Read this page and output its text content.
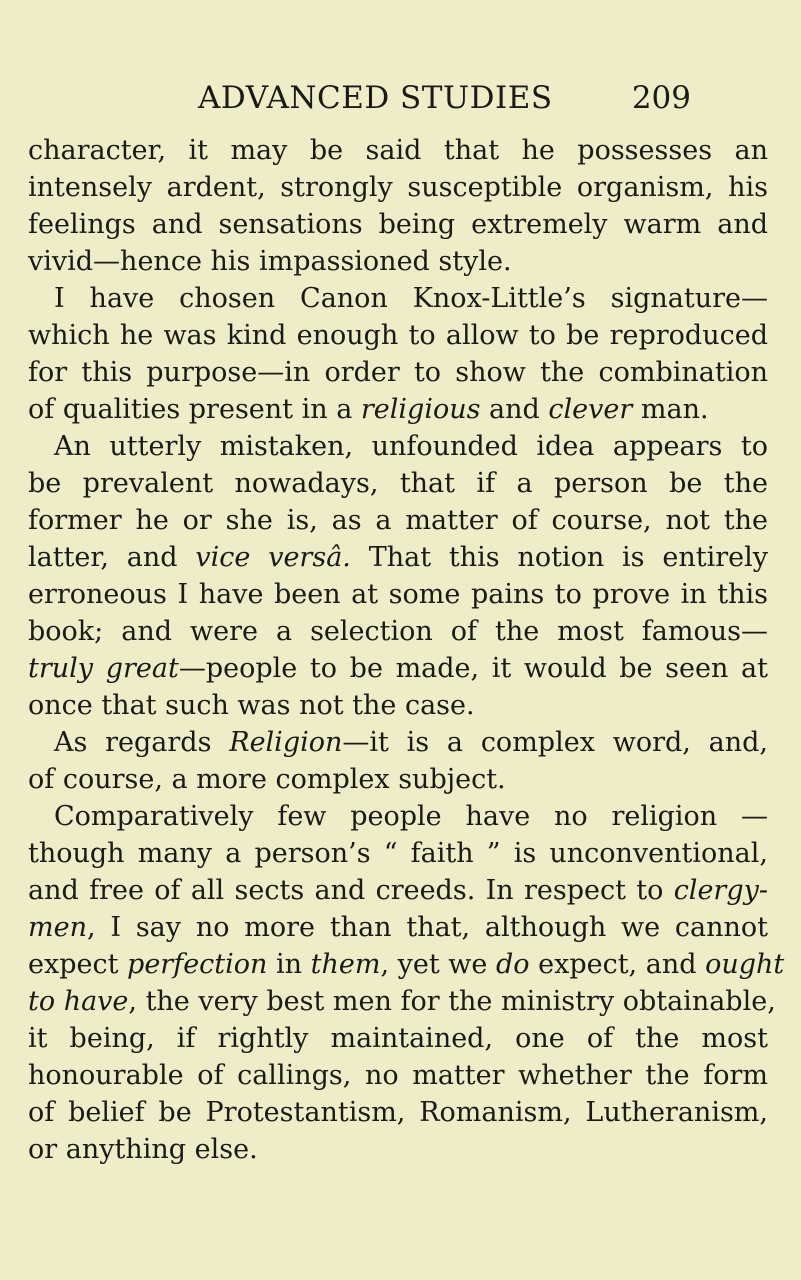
ADVANCED STUDIES	209
character, it may be said that he possesses an
intensely ardent, strongly susceptible organism, his
feelings and sensations being extremely warm and
vivid—hence his impassioned style.
I have chosen Canon Knox-Little’s signature—
which he was kind enough to allow to be reproduced
for this purpose—in order to show the combination
of qualities present in a religious and clever man.
An utterly mistaken, unfounded idea appears to
be prevalent nowadays, that if a person be the
former he or she is, as a matter of course, not the
latter, and vice versâ. That this notion is entirely
erroneous I have been at some pains to prove in this
book; and were a selection of the most famous—
truly great—people to be made, it would be seen at
once that such was not the case.
As regards Religion—it is a complex word, and,
of course, a more complex subject.
Comparatively few people have no religion —
though many a person’s “ faith ” is unconventional,
and free of all sects and creeds. In respect to clergy-
men, I say no more than that, although we cannot
expect perfection in them, yet we do expect, and ought
to have, the very best men for the ministry obtainable,
it being, if rightly maintained, one of the most
honourable of callings, no matter whether the form
of belief be Protestantism, Romanism, Lutheranism,
or anything else.
